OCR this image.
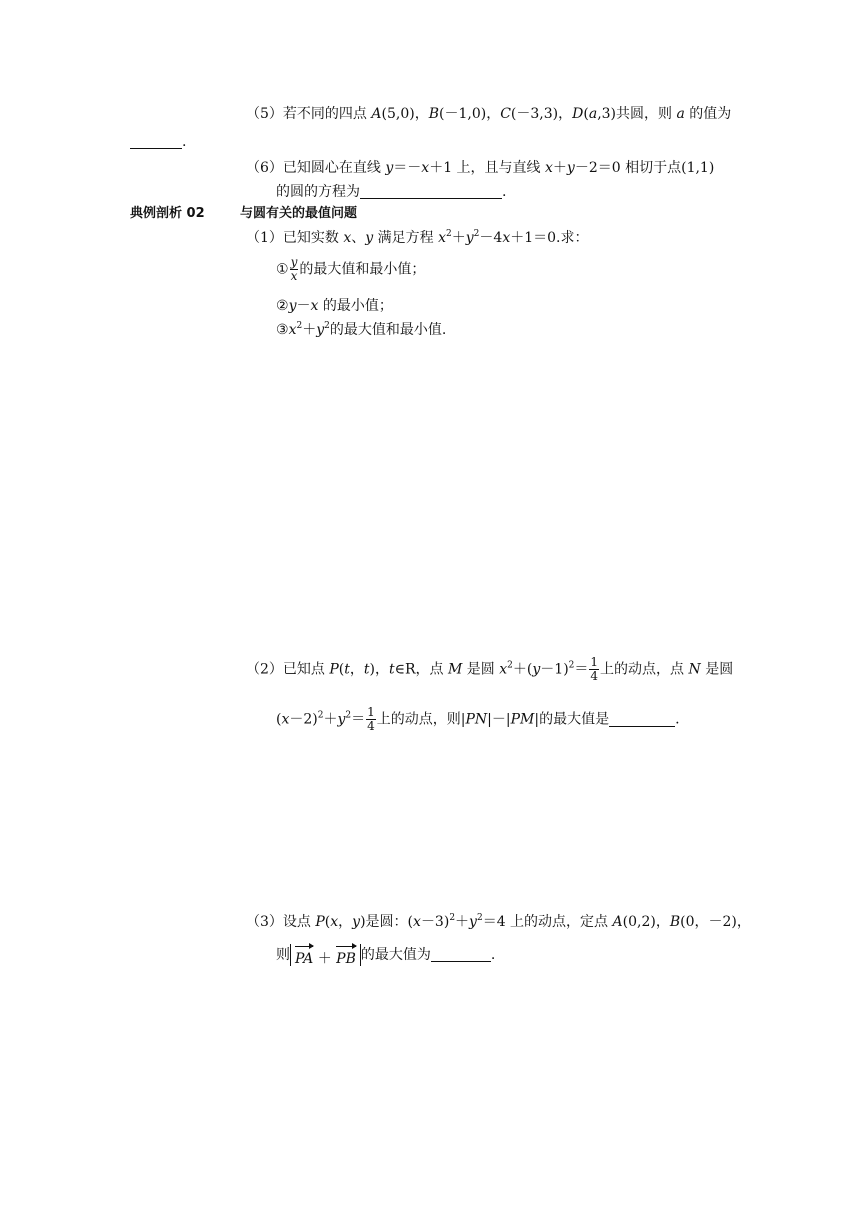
（5）若不同的四点 A(5,0)，B(－1,0)，C(－3,3)，D(a,3)共圆，则 a 的值为
.
（6）已知圆心在直线 y＝－x＋1 上，且与直线 x＋y－2＝0 相切于点(1,1)
的圆的方程为	.
典例剖析 02	与圆有关的最值问题
（1）已知实数 x、y 满足方程 $x^2+y^2-4x+1=0$.求：
① $\frac{y}{x}$ 的最大值和最小值；
②y－x 的最小值；
$③x^2+y^2$的最大值和最小值.
（2）已知点 P(t，t)，t∈R，点 M 是圆 $x^2+(y-1)^2= \frac{1}{4}$ 上的动点，点 N 是圆
$(x-2)^2+y^2= \frac{1}{4}$ 上的动点，则|PN|－|PM|的最大值是	.
（3）设点 P(x，y)是圆：$(x-3)^2+y^2=4$ 上的动点，定点 A(0,2)，B(0，－2)，
则 PA ＋ PB 的最大值为	.
